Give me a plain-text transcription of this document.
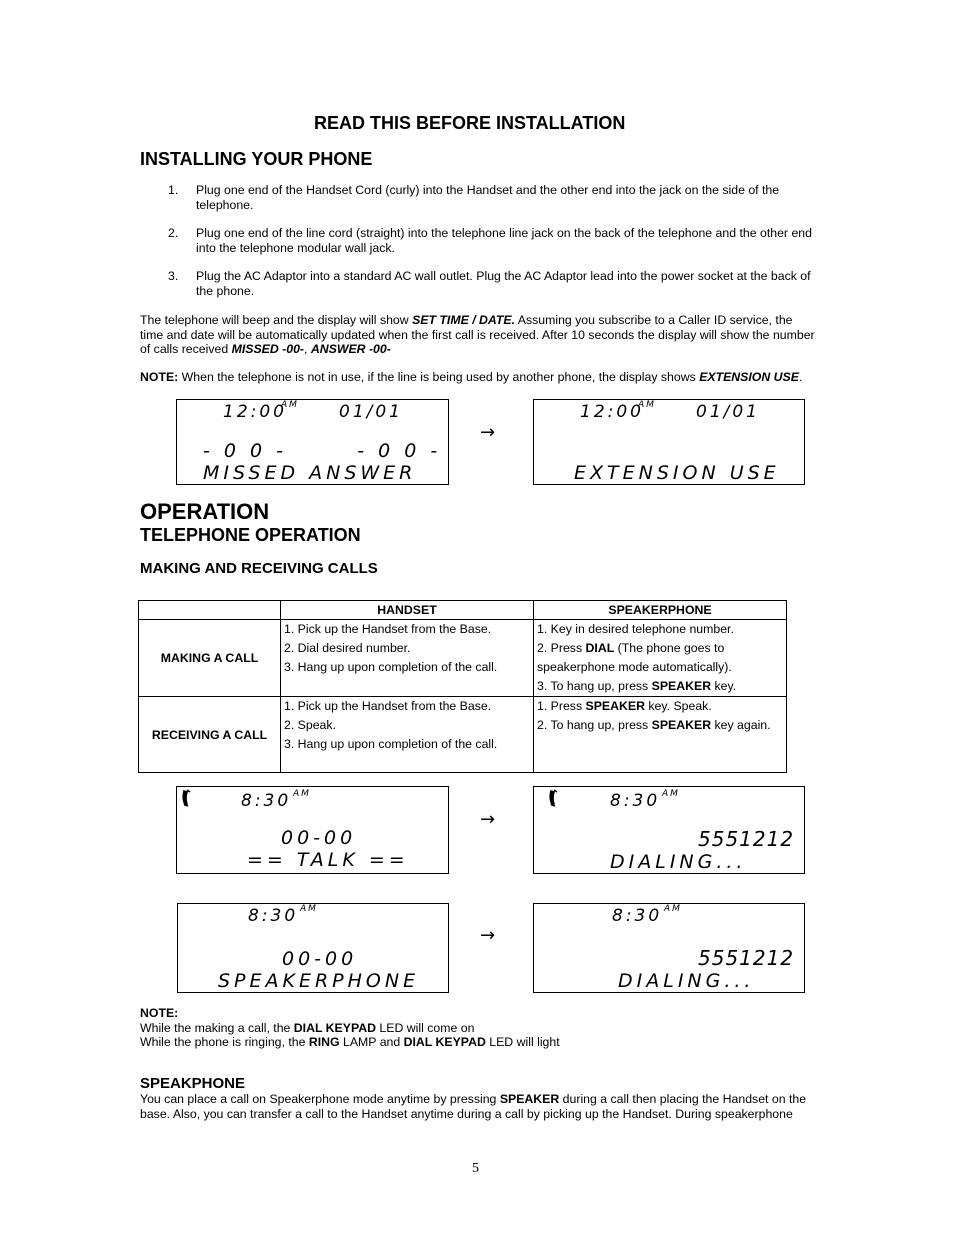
READ THIS BEFORE INSTALLATION
INSTALLING YOUR PHONE
1. Plug one end of the Handset Cord (curly) into the Handset and the other end into the jack on the side of the telephone.
2. Plug one end of the line cord (straight) into the telephone line jack on the back of the telephone and the other end into the telephone modular wall jack.
3. Plug the AC Adaptor into a standard AC wall outlet. Plug the AC Adaptor lead into the power socket at the back of the phone.
The telephone will beep and the display will show SET TIME / DATE. Assuming you subscribe to a Caller ID service, the time and date will be automatically updated when the first call is received. After 10 seconds the display will show the number of calls received MISSED -00-, ANSWER -00-
NOTE: When the telephone is not in use, if the line is being used by another phone, the display shows EXTENSION USE.
12:00
AM 01/01
- 0 0 -       - 0 0 -
MISSED ANSWER
→
12:00
AM 01/01
EXTENSION USE
OPERATION
TELEPHONE OPERATION
MAKING AND RECEIVING CALLS
	HANDSET	SPEAKERPHONE
MAKING A CALL	1. Pick up the Handset from the Base.
2. Dial desired number.
3. Hang up upon completion of the call.	1. Key in desired telephone number.
2. Press DIAL (The phone goes to
speakerphone mode automatically).
3. To hang up, press SPEAKER key.

RECEIVING A CALL	1. Pick up the Handset from the Base.
2. Speak.
3. Hang up upon completion of the call.	1. Press SPEAKER key. Speak.
2. To hang up, press SPEAKER key again.
8:30 AM
00-00
== TALK ==
→
8:30 AM
5551212
DIALING...
8:30 AM
00-00
SPEAKERPHONE
→
8:30 AM
5551212
DIALING...
NOTE:
While the making a call, the DIAL KEYPAD LED will come on
While the phone is ringing, the RING LAMP and DIAL KEYPAD LED will light
SPEAKPHONE
You can place a call on Speakerphone mode anytime by pressing SPEAKER during a call then placing the Handset on the base. Also, you can transfer a call to the Handset anytime during a call by picking up the Handset. During speakerphone
5
